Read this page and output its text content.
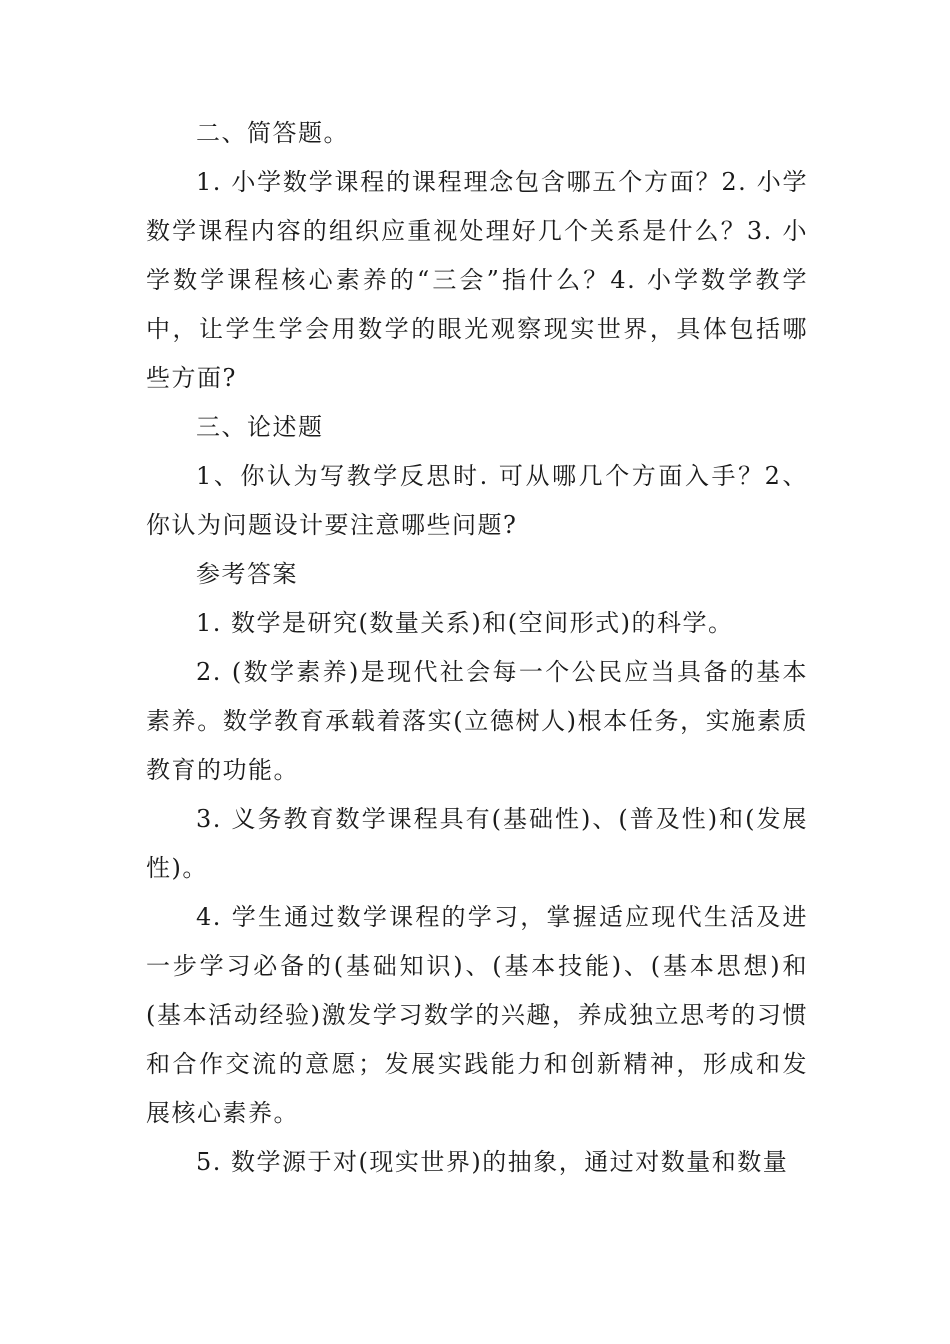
二、简答题。

1. 小学数学课程的课程理念包含哪五个方面？2. 小学数学课程内容的组织应重视处理好几个关系是什么？3. 小学数学课程核心素养的“三会”指什么？4. 小学数学教学中，让学生学会用数学的眼光观察现实世界，具体包括哪些方面?

三、论述题

1、你认为写教学反思时. 可从哪几个方面入手？2、你认为问题设计要注意哪些问题?

参考答案

1. 数学是研究(数量关系)和(空间形式)的科学。

2. (数学素养)是现代社会每一个公民应当具备的基本素养。数学教育承载着落实(立德树人)根本任务，实施素质教育的功能。

3. 义务教育数学课程具有(基础性)、(普及性)和(发展性)。

4. 学生通过数学课程的学习，掌握适应现代生活及进一步学习必备的(基础知识)、(基本技能)、(基本思想)和(基本活动经验)激发学习数学的兴趣，养成独立思考的习惯和合作交流的意愿；发展实践能力和创新精神，形成和发展核心素养。

5. 数学源于对(现实世界)的抽象，通过对数量和数量
